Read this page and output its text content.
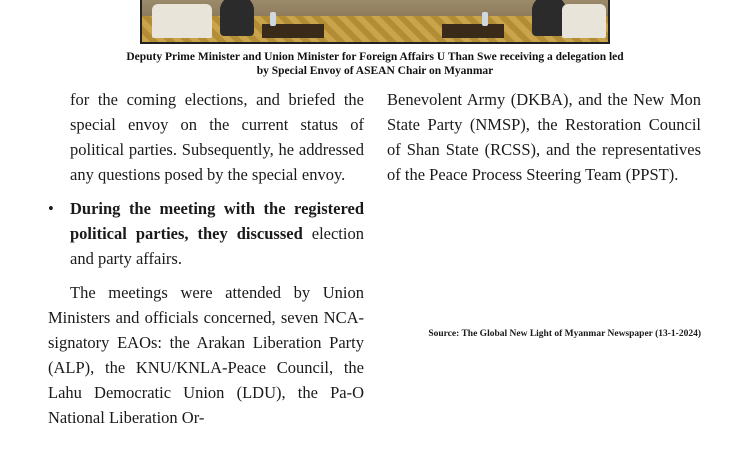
Deputy Prime Minister and Union Minister for Foreign Affairs U Than Swe receiving a delegation led
by Special Envoy of ASEAN Chair on Myanmar

for the coming elections, and briefed the special envoy on the current status of political parties. Subsequently, he addressed any questions posed by the special envoy.

• During the meeting with the registered political parties, they discussed election and party affairs.

The meetings were attended by Union Ministers and officials concerned, seven NCA-signatory EAOs: the Arakan Liberation Party (ALP), the KNU/KNLA-Peace Council, the Lahu Democratic Union (LDU), the Pa-O National Liberation Or-

Benevolent Army (DKBA), and the New Mon State Party (NMSP), the Restoration Council of Shan State (RCSS), and the representatives of the Peace Process Steering Team (PPST).

Source: The Global New Light of Myanmar Newspaper (13-1-2024)
